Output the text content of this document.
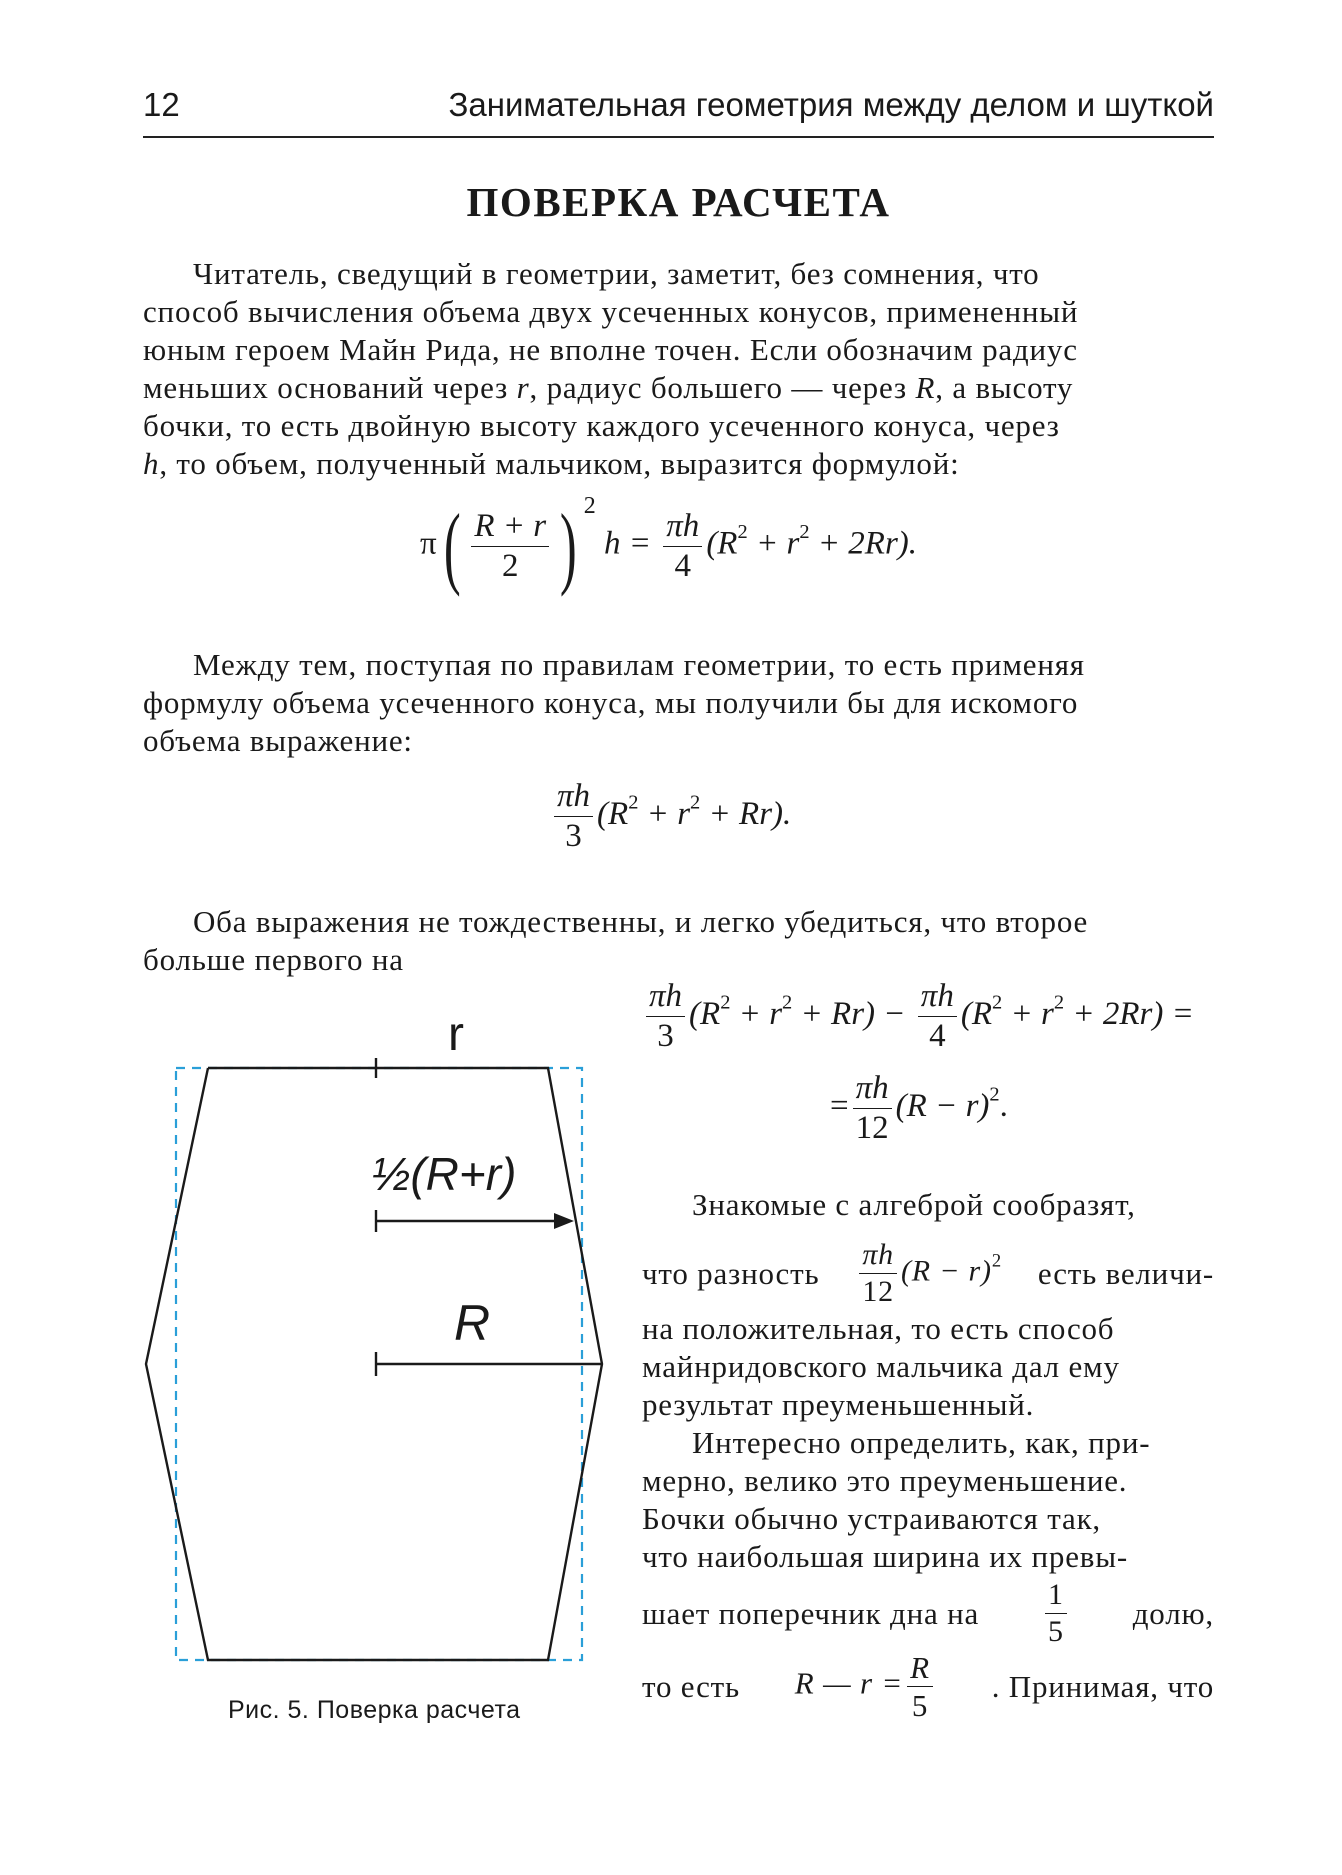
12	Занимательная геометрия между делом и шуткой
ПОВЕРКА РАСЧЕТА
Читатель, сведущий в геометрии, заметит, без сомнения, что
способ вычисления объема двух усеченных конусов, примененный
юным героем Майн Рида, не вполне точен. Если обозначим радиус
меньших оснований через r, радиус большего — через R, а высоту
бочки, то есть двойную высоту каждого усеченного конуса, через
h, то объем, полученный мальчиком, выразится формулой:
$\pi( \frac{R + r}{2}$ ) $^2$ $h = \frac{\pi h}{4} (R^2 + r^2 + 2Rr)$.
Между тем, поступая по правилам геометрии, то есть применяя
формулу объема усеченного конуса, мы получили бы для искомого
объема выражение:
$\frac{\pi h}{3} (R^2 + r^2 + Rr)$.
Оба выражения не тождественны, и легко убедиться, что второе
больше первого на
$\frac{\pi h}{3} (R^2 + r^2 + Rr) - \frac{\pi h}{4} (R^2 + r^2 + 2Rr)$ =
= $\frac{\pi h}{12} (R - r)^2$.
Знакомые с алгеброй сообразят,
что разность $\frac{\pi h}{12} (R - r)^2$ есть величи-
на положительная, то есть способ
майнридовского мальчика дал ему
результат преуменьшенный.
Интересно определить, как, при-
мерно, велико это преуменьшение.
Бочки обычно устраиваются так,
что наибольшая ширина их превы-
шает поперечник дна на $\frac{1}{5}$ долю,
то есть R — $r = \frac{R}{5}$ . Принимая, что
r
½(R+r)
R
Рис. 5. Поверка расчета
